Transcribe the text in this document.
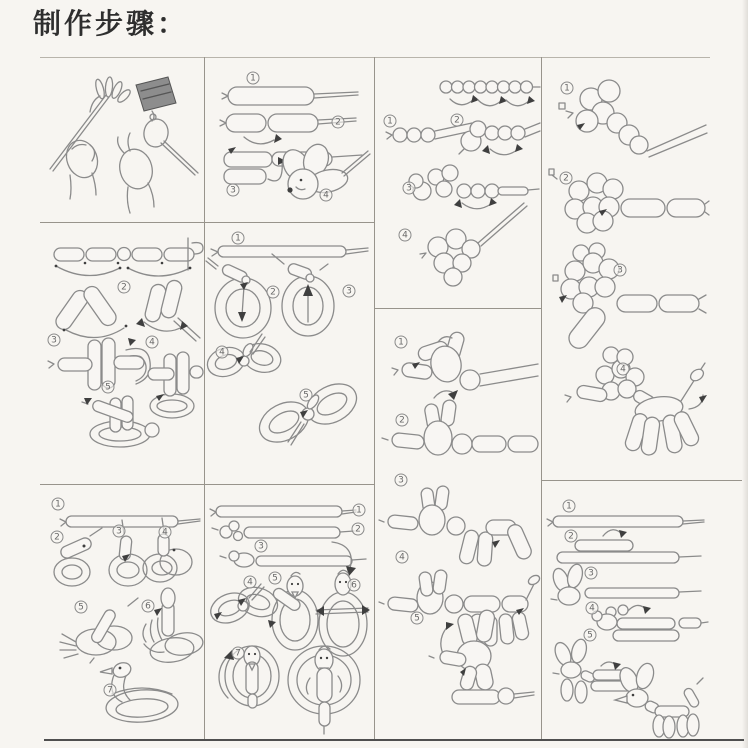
制作步骤：
1
2
3	4
1	2
3
4
1
2
3
4
2
3	4
5
1
2	3
4
5
1
2
3	4
5	6
7
1
2
3
4	5
6
7
1
2
3
4
5
1
2
3
4
5
